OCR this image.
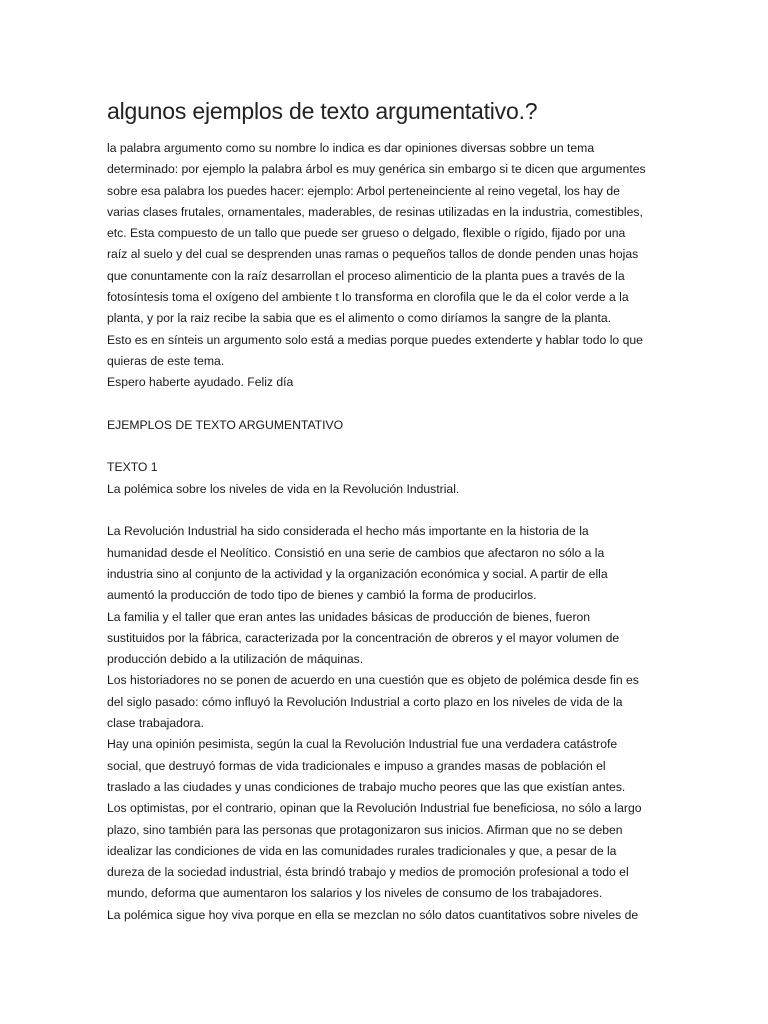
algunos ejemplos de texto argumentativo.?
la palabra argumento como su nombre lo indica es dar opiniones diversas sobbre un tema
determinado: por ejemplo la palabra árbol es muy genérica sin embargo si te dicen que argumentes
sobre esa palabra los puedes hacer: ejemplo: Arbol perteneinciente al reino vegetal, los hay de
varias clases frutales, ornamentales, maderables, de resinas utilizadas en la industria, comestibles,
etc. Esta compuesto de un tallo que puede ser grueso o delgado, flexible o rígido, fijado por una
raíz al suelo y del cual se desprenden unas ramas o pequeños tallos de donde penden unas hojas
que conuntamente con la raíz desarrollan el proceso alimenticio de la planta pues a través de la
fotosíntesis toma el oxígeno del ambiente t lo transforma en clorofila que le da el color verde a la
planta, y por la raiz recibe la sabia que es el alimento o como diríamos la sangre de la planta.
Esto es en sínteis un argumento solo está a medias porque puedes extenderte y hablar todo lo que
quieras de este tema.
Espero haberte ayudado. Feliz día
EJEMPLOS DE TEXTO ARGUMENTATIVO
TEXTO 1
La polémica sobre los niveles de vida en la Revolución Industrial.
La Revolución Industrial ha sido considerada el hecho más importante en la historia de la
humanidad desde el Neolítico. Consistió en una serie de cambios que afectaron no sólo a la
industria sino al conjunto de la actividad y la organización económica y social. A partir de ella
aumentó la producción de todo tipo de bienes y cambió la forma de producirlos.
La familia y el taller que eran antes las unidades básicas de producción de bienes, fueron
sustituidos por la fábrica, caracterizada por la concentración de obreros y el mayor volumen de
producción debido a la utilización de máquinas.
Los historiadores no se ponen de acuerdo en una cuestión que es objeto de polémica desde fin es
del siglo pasado: cómo influyó la Revolución Industrial a corto plazo en los niveles de vida de la
clase trabajadora.
Hay una opinión pesimista, según la cual la Revolución Industrial fue una verdadera catástrofe
social, que destruyó formas de vida tradicionales e impuso a grandes masas de población el
traslado a las ciudades y unas condiciones de trabajo mucho peores que las que existían antes.
Los optimistas, por el contrario, opinan que la Revolución Industrial fue beneficiosa, no sólo a largo
plazo, sino también para las personas que protagonizaron sus inicios. Afirman que no se deben
idealizar las condiciones de vida en las comunidades rurales tradicionales y que, a pesar de la
dureza de la sociedad industrial, ésta brindó trabajo y medios de promoción profesional a todo el
mundo, deforma que aumentaron los salarios y los niveles de consumo de los trabajadores.
La polémica sigue hoy viva porque en ella se mezclan no sólo datos cuantitativos sobre niveles de
